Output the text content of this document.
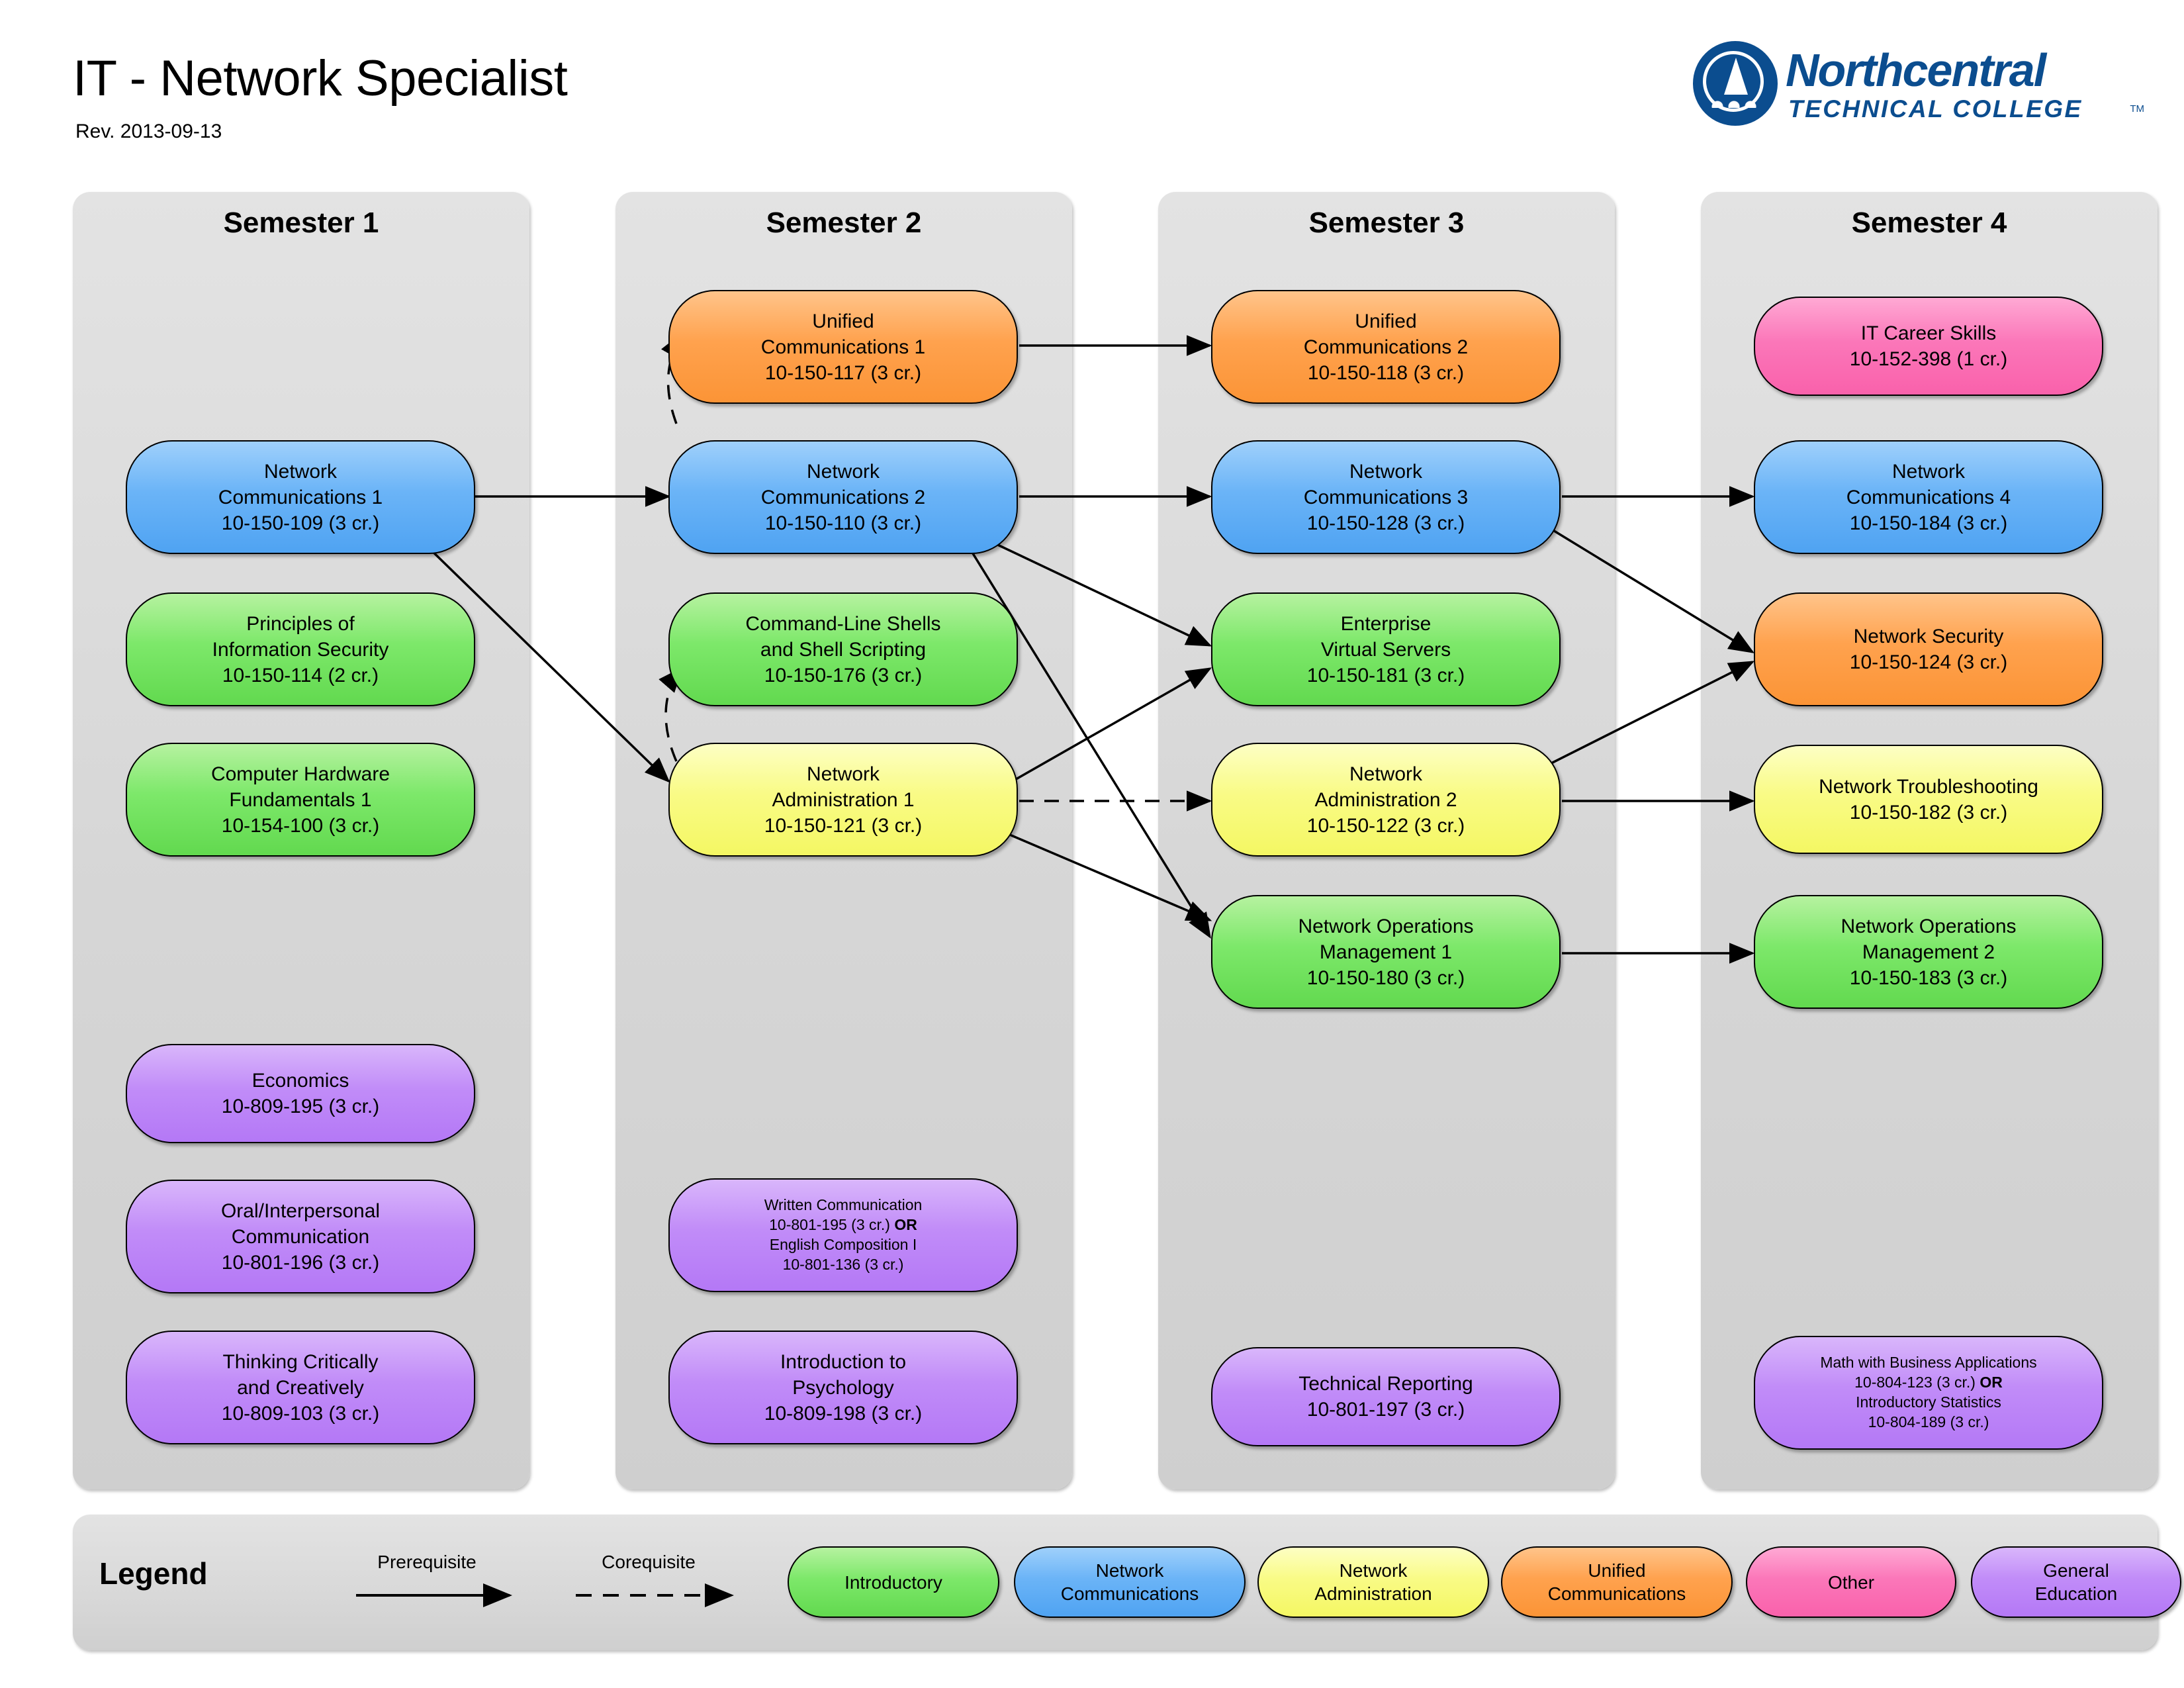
IT - Network Specialist
Rev. 2013-09-13
Northcentral
TECHNICAL COLLEGE	TM
Semester 1	Semester 2	Semester 3	Semester 4
Network
Communications 1
10-150-109 (3 cr.)
Principles of
Information Security
10-150-114 (2 cr.)
Computer Hardware
Fundamentals 1
10-154-100 (3 cr.)
Economics
10-809-195 (3 cr.)
Oral/Interpersonal
Communication
10-801-196 (3 cr.)
Thinking Critically
and Creatively
10-809-103 (3 cr.)
Unified
Communications 1
10-150-117 (3 cr.)
Network
Communications 2
10-150-110 (3 cr.)
Command-Line Shells
and Shell Scripting
10-150-176 (3 cr.)
Network
Administration 1
10-150-121 (3 cr.)
Written Communication
10-801-195 (3 cr.) OR
English Composition I
10-801-136 (3 cr.)
Introduction to
Psychology
10-809-198 (3 cr.)
Unified
Communications 2
10-150-118 (3 cr.)
Network
Communications 3
10-150-128 (3 cr.)
Enterprise
Virtual Servers
10-150-181 (3 cr.)
Network
Administration 2
10-150-122 (3 cr.)
Network Operations
Management 1
10-150-180 (3 cr.)
Technical Reporting
10-801-197 (3 cr.)
IT Career Skills
10-152-398 (1 cr.)
Network
Communications 4
10-150-184 (3 cr.)
Network Security
10-150-124 (3 cr.)
Network Troubleshooting
10-150-182 (3 cr.)
Network Operations
Management 2
10-150-183 (3 cr.)
Math with Business Applications
10-804-123 (3 cr.) OR
Introductory Statistics
10-804-189 (3 cr.)
Legend	Prerequisite	Corequisite
Introductory
Network
Communications
Network
Administration
Unified
Communications
Other
General
Education
